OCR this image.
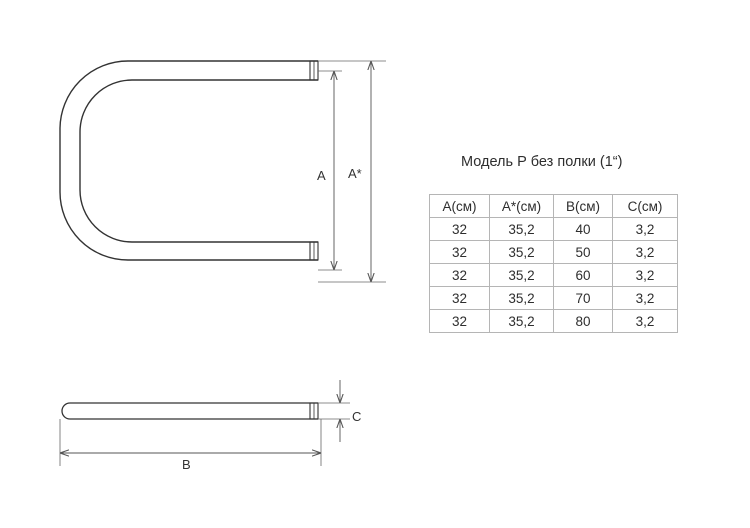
A A*
C
B
Модель Р без полки (1“)
A(см)	A*(см)	B(см)	C(см)
32	35,2	40	3,2
32	35,2	50	3,2
32	35,2	60	3,2
32	35,2	70	3,2
32	35,2	80	3,2
